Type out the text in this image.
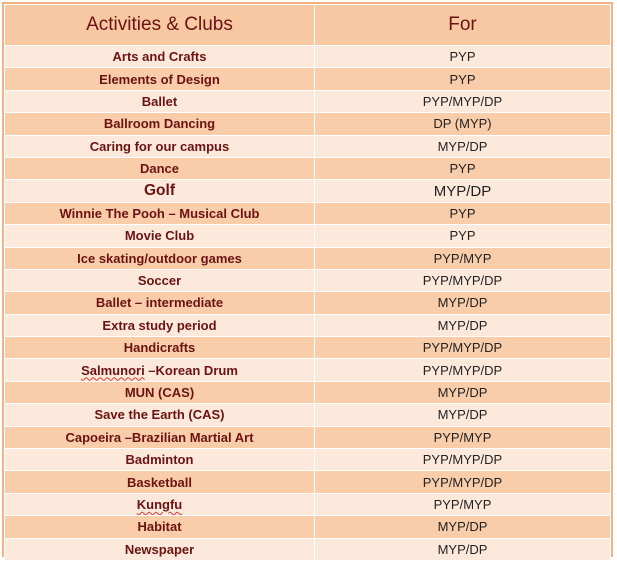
Activities & Clubs	For
Arts and Crafts	PYP
Elements of Design	PYP
Ballet	PYP/MYP/DP
Ballroom Dancing	DP (MYP)
Caring for our campus	MYP/DP
Dance	PYP
Golf	MYP/DP
Winnie The Pooh – Musical Club	PYP
Movie Club	PYP
Ice skating/outdoor games	PYP/MYP
Soccer	PYP/MYP/DP
Ballet – intermediate	MYP/DP
Extra study period	MYP/DP
Handicrafts	PYP/MYP/DP
Salmunori –Korean Drum	PYP/MYP/DP
MUN (CAS)	MYP/DP
Save the Earth (CAS)	MYP/DP
Capoeira –Brazilian Martial Art	PYP/MYP
Badminton	PYP/MYP/DP
Basketball	PYP/MYP/DP
Kungfu	PYP/MYP
Habitat	MYP/DP
Newspaper	MYP/DP
